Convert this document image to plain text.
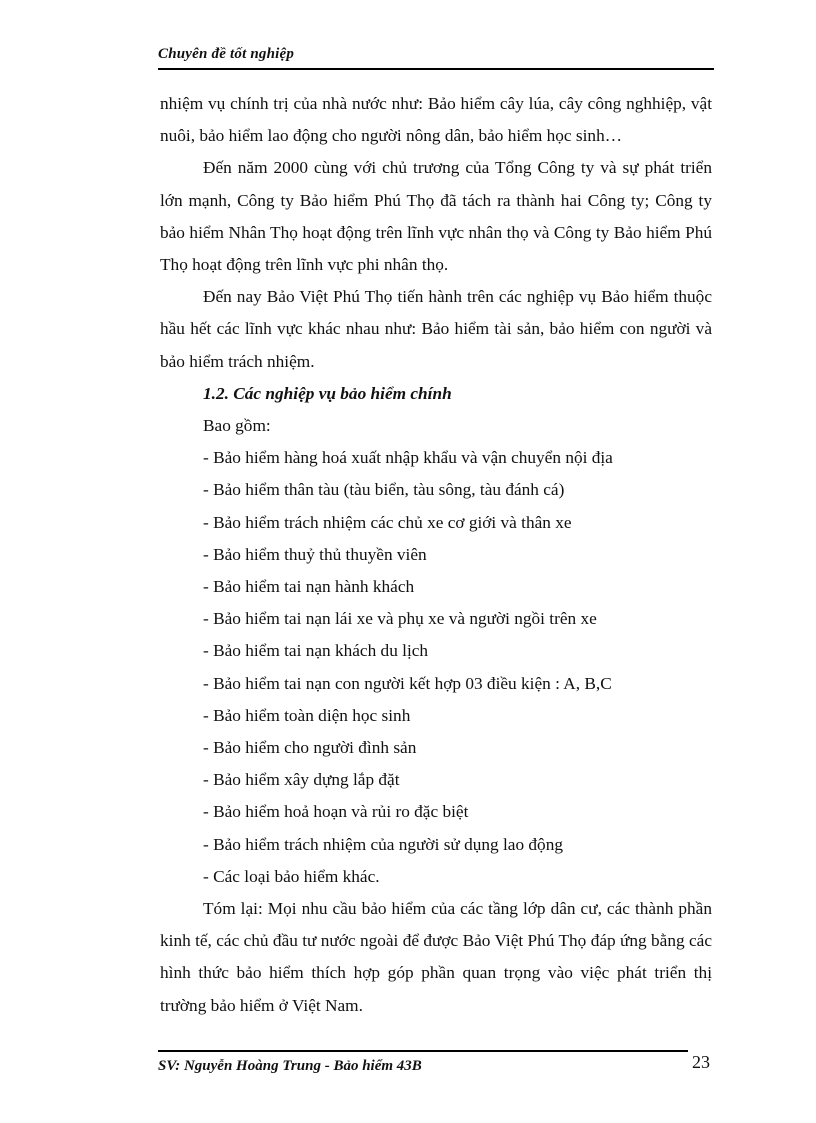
Chuyên đề tốt nghiệp

nhiệm vụ chính trị của nhà nước như: Bảo hiểm cây lúa, cây công nghhiệp, vật nuôi, bảo hiểm lao động cho người nông dân, bảo hiểm học sinh…

Đến năm 2000 cùng với chủ trương của Tổng Công ty và sự phát triển lớn mạnh, Công ty Bảo hiểm Phú Thọ đã tách ra thành hai Công ty; Công ty bảo hiểm Nhân Thọ hoạt động trên lĩnh vực nhân thọ và Công ty Bảo hiểm Phú Thọ hoạt động trên lĩnh vực phi nhân thọ.

Đến nay Bảo Việt Phú Thọ tiến hành trên các nghiệp vụ Bảo hiểm thuộc hầu hết các lĩnh vực khác nhau như: Bảo hiểm tài sản, bảo hiểm con người và bảo hiểm trách nhiệm.

1.2. Các nghiệp vụ bảo hiểm chính

Bao gồm:

- Bảo hiểm hàng hoá xuất nhập khẩu và vận chuyển nội địa
- Bảo hiểm thân tàu (tàu biển, tàu sông, tàu đánh cá)
- Bảo hiểm trách nhiệm các chủ xe cơ giới và thân xe
- Bảo hiểm thuỷ thủ thuyền viên
- Bảo hiểm tai nạn hành khách
- Bảo hiểm tai nạn lái xe và phụ xe và người ngồi trên xe
- Bảo hiểm tai nạn khách du lịch
- Bảo hiểm tai nạn con người kết hợp 03 điều kiện : A, B,C
- Bảo hiểm toàn diện học sinh
- Bảo hiểm cho người đình sản
- Bảo hiểm xây dựng lắp đặt
- Bảo hiểm hoả hoạn và rủi ro đặc biệt
- Bảo hiểm trách nhiệm của người sử dụng lao động
- Các loại bảo hiểm khác.

Tóm lại: Mọi nhu cầu bảo hiểm của các tầng lớp dân cư, các thành phần kinh tế, các chủ đầu tư nước ngoài để được Bảo Việt Phú Thọ đáp ứng bằng các hình thức bảo hiểm thích hợp góp phần quan trọng vào việc phát triển thị trường bảo hiểm ở Việt Nam.

SV: Nguyễn Hoàng Trung - Bảo hiểm 43B	23
